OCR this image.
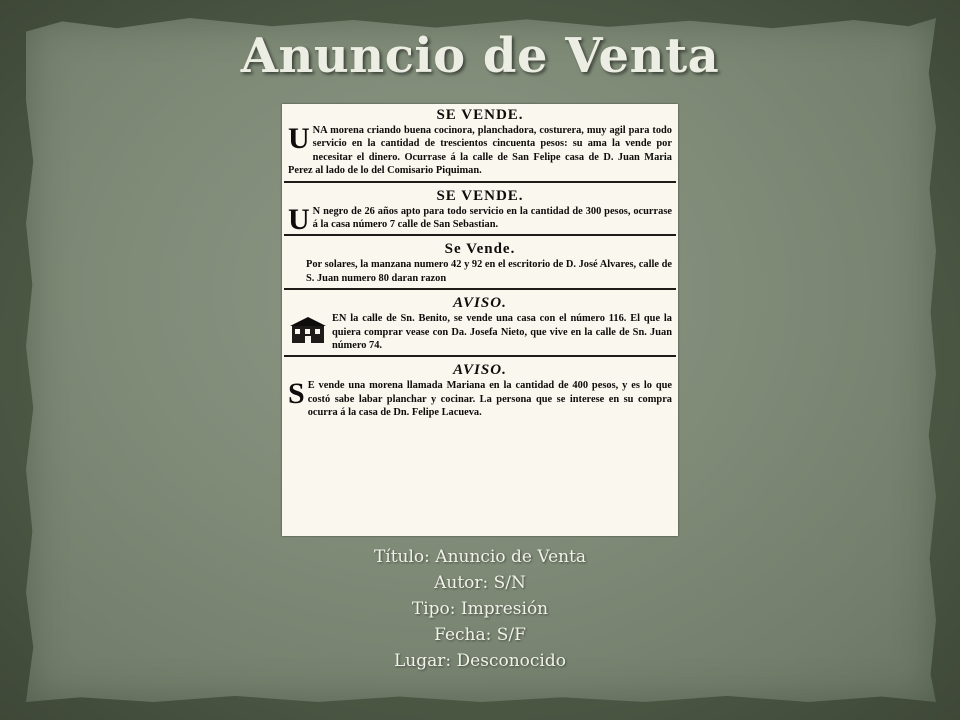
Anuncio de Venta

SE VENDE.

UNA morena criando buena cocinora, planchadora, costurera, muy agil para todo servicio en la cantidad de trescientos cincuenta pesos: su ama la vende por necesitar el dinero. Ocurrase á la calle de San Felipe casa de D. Juan Maria Perez al lado de lo del Comisario Piquiman.

SE VENDE.

U N negro de 26 años apto para todo servicio en la cantidad de 300 pesos, ocurrase á la casa número 7 calle de San Sebastian.

Se Vende.

Por solares, la manzana numero 42 y 92 en el escritorio de D. José Alvares, calle de S. Juan numero 80 daran razon

AVISO.

EN la calle de Sn. Benito, se vende una casa con el número 116. El que la quiera comprar vease con Da. Josefa Nieto, que vive en la calle de Sn. Juan número 74.

AVISO.

S E vende una morena llamada Mariana en la cantidad de 400 pesos, y es lo que costó sabe labar planchar y cocinar. La persona que se interese en su compra ocurra á la casa de Dn. Felipe Lacueva.

Título: Anuncio de Venta
Autor: S/N
Tipo: Impresión
Fecha: S/F
Lugar: Desconocido
